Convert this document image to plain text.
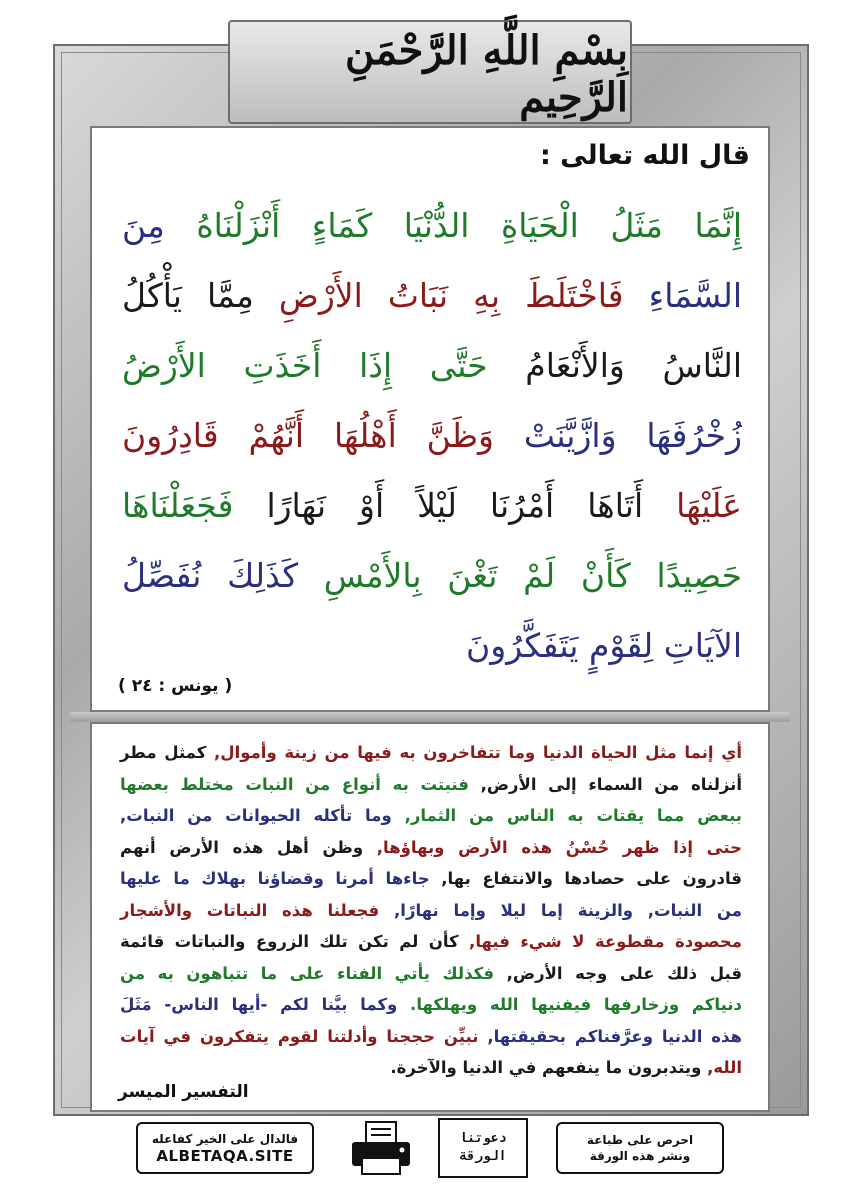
بِسْمِ اللَّهِ الرَّحْمَنِ الرَّحِيم
قال الله تعالى :
إِنَّمَا مَثَلُ الْحَيَاةِ الدُّنْيَا كَمَاءٍ أَنْزَلْنَاهُ مِنَ
السَّمَاءِ فَاخْتَلَطَ بِهِ نَبَاتُ الأَرْضِ مِمَّا يَأْكُلُ
النَّاسُ وَالأَنْعَامُ حَتَّى إِذَا أَخَذَتِ الأَرْضُ
زُخْرُفَهَا وَازَّيَّنَتْ وَظَنَّ أَهْلُهَا أَنَّهُمْ قَادِرُونَ
عَلَيْهَا أَتَاهَا أَمْرُنَا لَيْلاً أَوْ نَهَارًا فَجَعَلْنَاهَا
حَصِيدًا كَأَنْ لَمْ تَغْنَ بِالأَمْسِ كَذَلِكَ نُفَصِّلُ
الآيَاتِ لِقَوْمٍ يَتَفَكَّرُونَ
( يونس : ٢٤ )
أي إنما مثل الحياة الدنيا وما تتفاخرون به فيها من زينة وأموال, كمثل مطر
أنزلناه من السماء إلى الأرض, فنبتت به أنواع من النبات مختلط بعضها
ببعض مما يقتات به الناس من الثمار, وما تأكله الحيوانات من النبات,
حتى إذا ظهر حُسْنُ هذه الأرض وبهاؤها, وظن أهل هذه الأرض أنهم
قادرون على حصادها والانتفاع بها, جاءها أمرنا وقضاؤنا بهلاك ما عليها
من النبات, والزينة إما ليلا وإما نهارًا, فجعلنا هذه النباتات والأشجار
محصودة مقطوعة لا شيء فيها, كأن لم تكن تلك الزروع والنباتات قائمة
قبل ذلك على وجه الأرض, فكذلك يأتي الفناء على ما تتباهون به من
دنياكم وزخارفها فيفنيها الله ويهلكها. وكما بيَّنا لكم -أيها الناس- مَثَلَ
هذه الدنيا وعرَّفناكم بحقيقتها, نبيِّن حججنا وأدلتنا لقوم يتفكرون في آيات
الله, ويتدبرون ما ينفعهم في الدنيا والآخرة.
التفسير الميسر
فالدال على الخير كفاعله
ALBETAQA.SITE
دعوتنا الورقة
احرص على طباعة
ونشر هذه الورقة
